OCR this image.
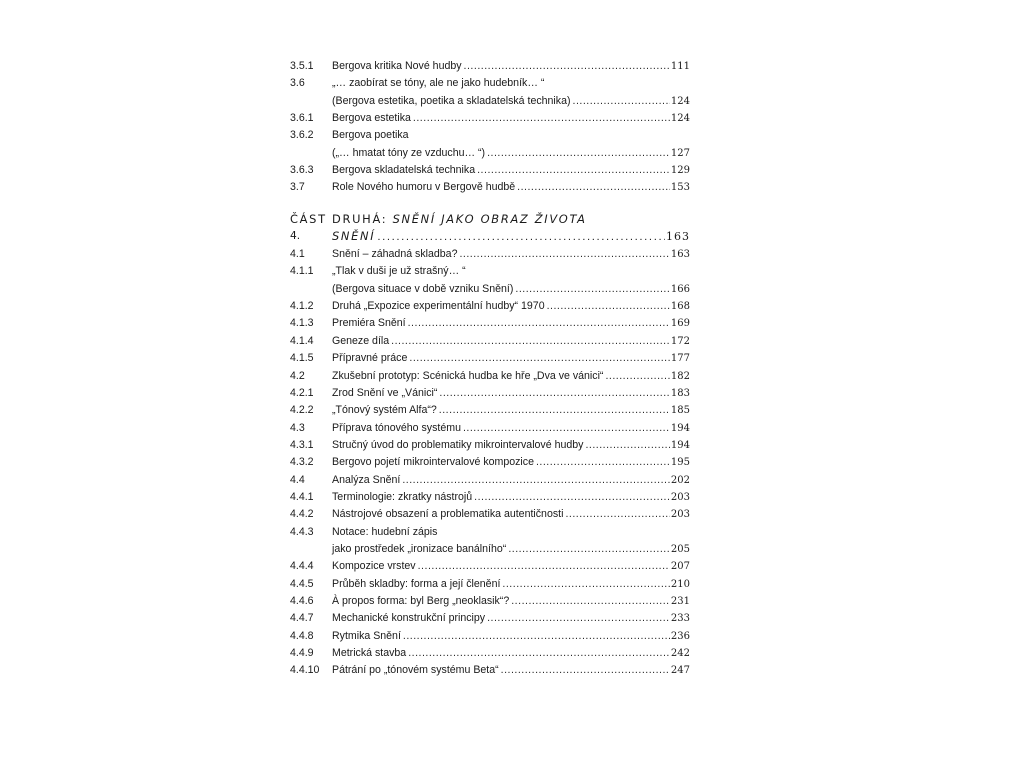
3.5.1	Bergova kritika Nové hudby .....	111
3.6	„… zaobírat se tóny, ale ne jako hudebník… “
(Bergova estetika, poetika a skladatelská technika) .....	124
3.6.1	Bergova estetika .....	124
3.6.2	Bergova poetika
(„… hmatat tóny ze vzduchu… “) .....	127
3.6.3	Bergova skladatelská technika .....	129
3.7	Role Nového humoru v Bergově hudbě .....	153
ČÁST DRUHÁ: SNĚNÍ JAKO OBRAZ ŽIVOTA
4.	SNĚNÍ .....	163
4.1	Snění – záhadná skladba? .....	163
4.1.1	„Tlak v duši je už strašný… “
(Bergova situace v době vzniku Snění) .....	166
4.1.2	Druhá „Expozice experimentální hudby“ 1970 .....	168
4.1.3	Premiéra Snění .....	169
4.1.4	Geneze díla .....	172
4.1.5	Přípravné práce .....	177
4.2	Zkušební prototyp: Scénická hudba ke hře „Dva ve vánici“ .....	182
4.2.1	Zrod Snění ve „Vánici“ .....	183
4.2.2	„Tónový systém Alfa“? .....	185
4.3	Příprava tónového systému .....	194
4.3.1	Stručný úvod do problematiky mikrointervalové hudby .....	194
4.3.2	Bergovo pojetí mikrointervalové kompozice .....	195
4.4	Analýza Snění .....	202
4.4.1	Terminologie: zkratky nástrojů .....	203
4.4.2	Nástrojové obsazení a problematika autentičnosti .....	203
4.4.3	Notace: hudební zápis
jako prostředek „ironizace banálního“ .....	205
4.4.4	Kompozice vrstev .....	207
4.4.5	Průběh skladby: forma a její členění .....	210
4.4.6	À propos forma: byl Berg „neoklasik“? .....	231
4.4.7	Mechanické konstrukční principy .....	233
4.4.8	Rytmika Snění .....	236
4.4.9	Metrická stavba .....	242
4.4.10	Pátrání po „tónovém systému Beta“ .....	247
